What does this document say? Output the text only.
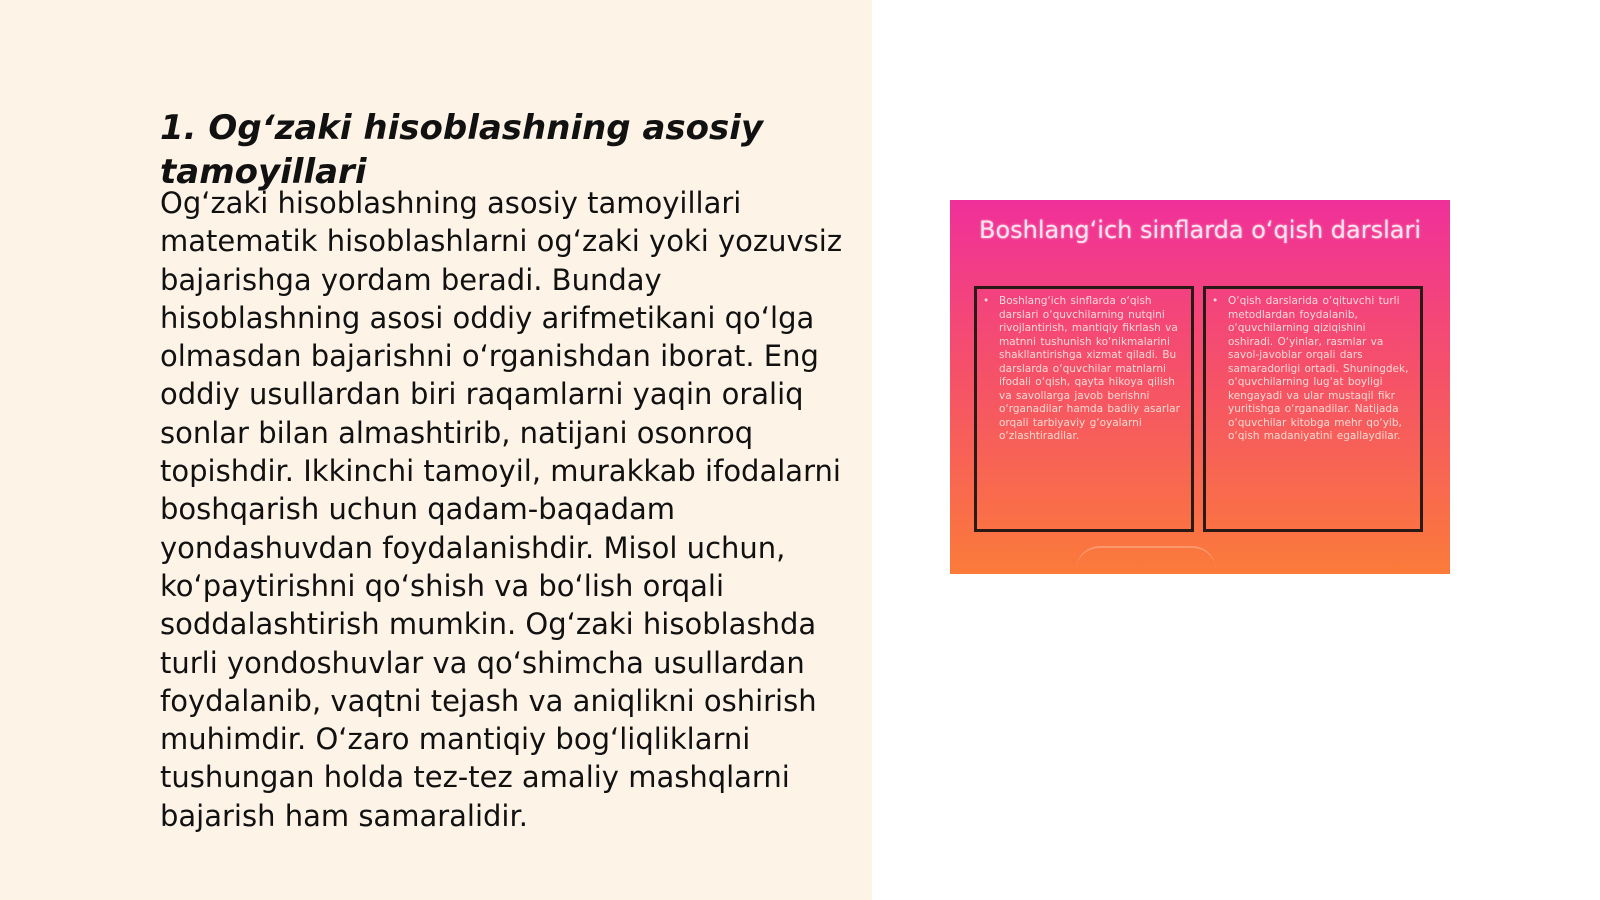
1. Og‘zaki hisoblashning asosiy tamoyillari

Og‘zaki hisoblashning asosiy tamoyillari matematik hisoblashlarni og‘zaki yoki yozuvsiz bajarishga yordam beradi. Bunday hisoblashning asosi oddiy arifmetikani qo‘lga olmasdan bajarishni o‘rganishdan iborat. Eng oddiy usullardan biri raqamlarni yaqin oraliq sonlar bilan almashtirib, natijani osonroq topishdir. Ikkinchi tamoyil, murakkab ifodalarni boshqarish uchun qadam-baqadam yondashuvdan foydalanishdir. Misol uchun, ko‘paytirishni qo‘shish va bo‘lish orqali soddalashtirish mumkin. Og‘zaki hisoblashda turli yondoshuvlar va qo‘shimcha usullardan foydalanib, vaqtni tejash va aniqlikni oshirish muhimdir. O‘zaro mantiqiy bog‘liqliklarni tushungan holda tez-tez amaliy mashqlarni bajarish ham samaralidir.

Boshlang‘ich sinflarda o‘qish darslari

• Boshlang‘ich sinflarda o‘qish darslari o‘quvchilarning nutqini rivojlantirish, mantiqiy fikrlash va matnni tushunish ko‘nikmalarini shakllantirishga xizmat qiladi. Bu darslarda o‘quvchilar matnlarni ifodali o‘qish, qayta hikoya qilish va savollarga javob berishni o‘rganadilar hamda badiiy asarlar orqali tarbiyaviy g‘oyalarni o‘zlashtiradilar.

• O‘qish darslarida o‘qituvchi turli metodlardan foydalanib, o‘quvchilarning qiziqishini oshiradi. O‘yinlar, rasmlar va savol-javoblar orqali dars samaradorligi ortadi. Shuningdek, o‘quvchilarning lug‘at boyligi kengayadi va ular mustaqil fikr yuritishga o‘rganadilar. Natijada o‘quvchilar kitobga mehr qo‘yib, o‘qish madaniyatini egallaydilar.
